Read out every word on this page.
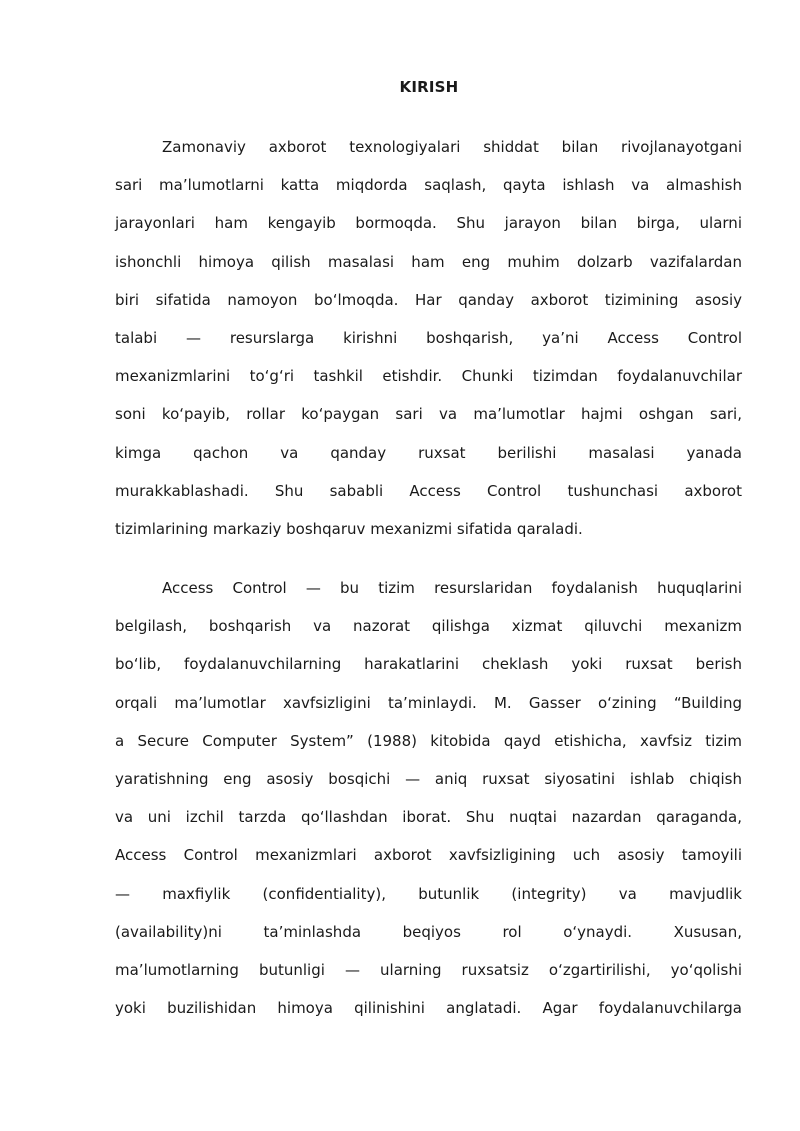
KIRISH
Zamonaviy axborot texnologiyalari shiddat bilan rivojlanayotgani
sari ma’lumotlarni katta miqdorda saqlash, qayta ishlash va almashish
jarayonlari ham kengayib bormoqda. Shu jarayon bilan birga, ularni
ishonchli himoya qilish masalasi ham eng muhim dolzarb vazifalardan
biri sifatida namoyon bo‘lmoqda. Har qanday axborot tizimining asosiy
talabi — resurslarga kirishni boshqarish, ya’ni Access Control
mexanizmlarini to‘g‘ri tashkil etishdir. Chunki tizimdan foydalanuvchilar
soni ko‘payib, rollar ko‘paygan sari va ma’lumotlar hajmi oshgan sari,
kimga qachon va qanday ruxsat berilishi masalasi yanada
murakkablashadi. Shu sababli Access Control tushunchasi axborot
tizimlarining markaziy boshqaruv mexanizmi sifatida qaraladi.
Access Control — bu tizim resurslaridan foydalanish huquqlarini
belgilash, boshqarish va nazorat qilishga xizmat qiluvchi mexanizm
bo‘lib, foydalanuvchilarning harakatlarini cheklash yoki ruxsat berish
orqali ma’lumotlar xavfsizligini ta’minlaydi. M. Gasser o‘zining “Building
a Secure Computer System” (1988) kitobida qayd etishicha, xavfsiz tizim
yaratishning eng asosiy bosqichi — aniq ruxsat siyosatini ishlab chiqish
va uni izchil tarzda qo‘llashdan iborat. Shu nuqtai nazardan qaraganda,
Access Control mexanizmlari axborot xavfsizligining uch asosiy tamoyili
— maxfiylik (confidentiality), butunlik (integrity) va mavjudlik
(availability)ni ta’minlashda beqiyos rol o‘ynaydi. Xususan,
ma’lumotlarning butunligi — ularning ruxsatsiz o‘zgartirilishi, yo‘qolishi
yoki buzilishidan himoya qilinishini anglatadi. Agar foydalanuvchilarga
